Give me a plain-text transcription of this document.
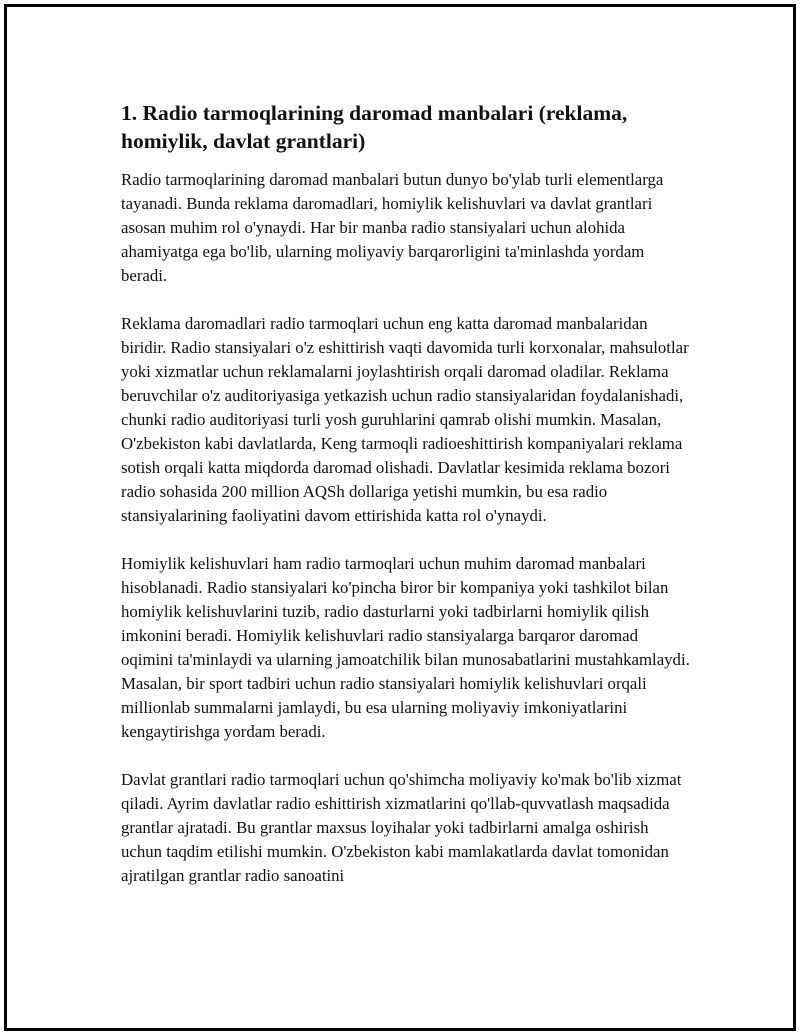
1. Radio tarmoqlarining daromad manbalari (reklama, homiylik, davlat grantlari)

Radio tarmoqlarining daromad manbalari butun dunyo bo'ylab turli elementlarga tayanadi. Bunda reklama daromadlari, homiylik kelishuvlari va davlat grantlari asosan muhim rol o'ynaydi. Har bir manba radio stansiyalari uchun alohida ahamiyatga ega bo'lib, ularning moliyaviy barqarorligini ta'minlashda yordam beradi.

Reklama daromadlari radio tarmoqlari uchun eng katta daromad manbalaridan biridir. Radio stansiyalari o'z eshittirish vaqti davomida turli korxonalar, mahsulotlar yoki xizmatlar uchun reklamalarni joylashtirish orqali daromad oladilar. Reklama beruvchilar o'z auditoriyasiga yetkazish uchun radio stansiyalaridan foydalanishadi, chunki radio auditoriyasi turli yosh guruhlarini qamrab olishi mumkin. Masalan, O'zbekiston kabi davlatlarda, Keng tarmoqli radioeshittirish kompaniyalari reklama sotish orqali katta miqdorda daromad olishadi. Davlatlar kesimida reklama bozori radio sohasida 200 million AQSh dollariga yetishi mumkin, bu esa radio stansiyalarining faoliyatini davom ettirishida katta rol o'ynaydi.

Homiylik kelishuvlari ham radio tarmoqlari uchun muhim daromad manbalari hisoblanadi. Radio stansiyalari ko'pincha biror bir kompaniya yoki tashkilot bilan homiylik kelishuvlarini tuzib, radio dasturlarni yoki tadbirlarni homiylik qilish imkonini beradi. Homiylik kelishuvlari radio stansiyalarga barqaror daromad oqimini ta'minlaydi va ularning jamoatchilik bilan munosabatlarini mustahkamlaydi. Masalan, bir sport tadbiri uchun radio stansiyalari homiylik kelishuvlari orqali millionlab summalarni jamlaydi, bu esa ularning moliyaviy imkoniyatlarini kengaytirishga yordam beradi.

Davlat grantlari radio tarmoqlari uchun qo'shimcha moliyaviy ko'mak bo'lib xizmat qiladi. Ayrim davlatlar radio eshittirish xizmatlarini qo'llab-quvvatlash maqsadida grantlar ajratadi. Bu grantlar maxsus loyihalar yoki tadbirlarni amalga oshirish uchun taqdim etilishi mumkin. O'zbekiston kabi mamlakatlarda davlat tomonidan ajratilgan grantlar radio sanoatini
